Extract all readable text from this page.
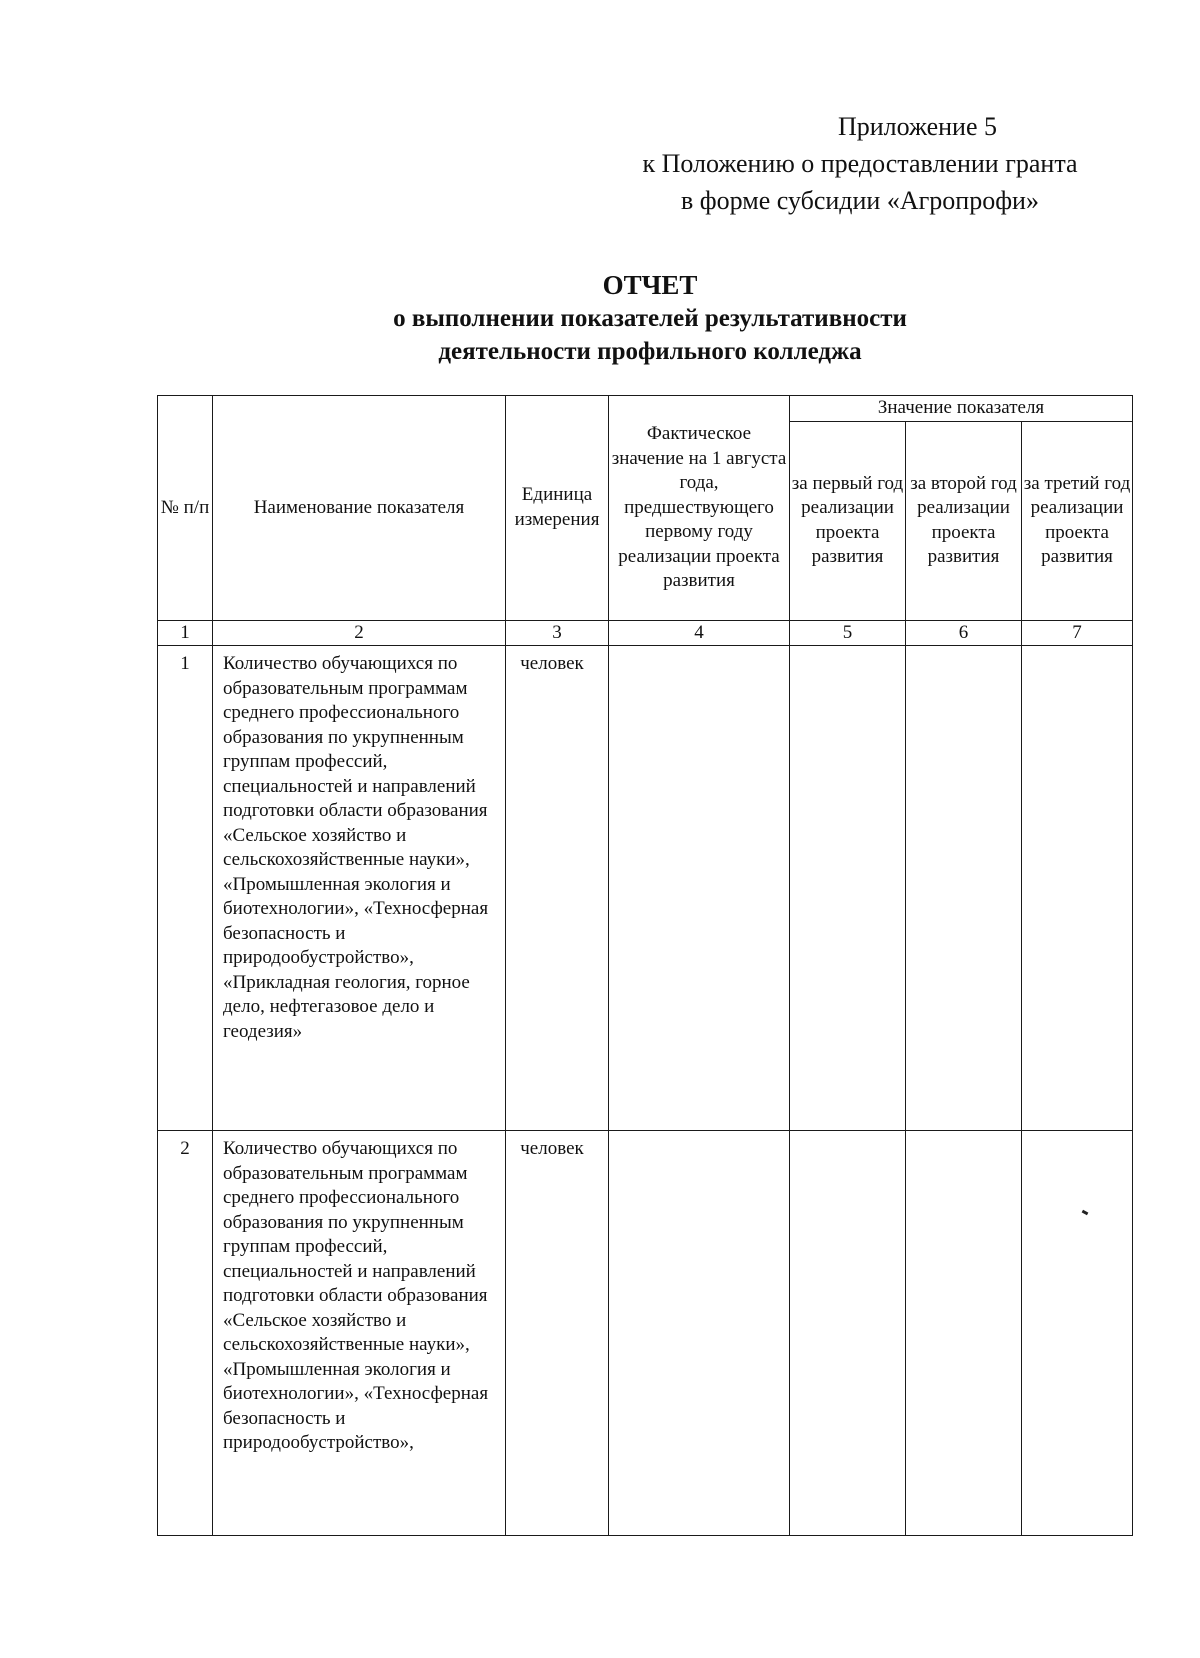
Приложение 5
к Положению о предоставлении гранта
в форме субсидии «Агропрофи»
ОТЧЕТ
о выполнении показателей результативности
деятельности профильного колледжа
№ п/п	Наименование показателя	Единица измерения	Фактическое значение на 1 августа года, предшествующего первому году реализации проекта развития	Значение показателя		
				за первый год реализации проекта развития	за второй год реализации проекта развития	за третий год реализации проекта развития
1	2	3	4	5	6	7
1	Количество обучающихся по образовательным программам среднего профессионального образования по укрупненным группам профессий, специальностей и направлений подготовки области образования «Сельское хозяйство и сельскохозяйственные науки», «Промышленная экология и биотехнологии», «Техносферная безопасность и природообустройство», «Прикладная геология, горное дело, нефтегазовое дело и геодезия»	человек				
2	Количество обучающихся по образовательным программам среднего профессионального образования по укрупненным группам профессий, специальностей и направлений подготовки области образования «Сельское хозяйство и сельскохозяйственные науки», «Промышленная экология и биотехнологии», «Техносферная безопасность и природообустройство»,	человек				
